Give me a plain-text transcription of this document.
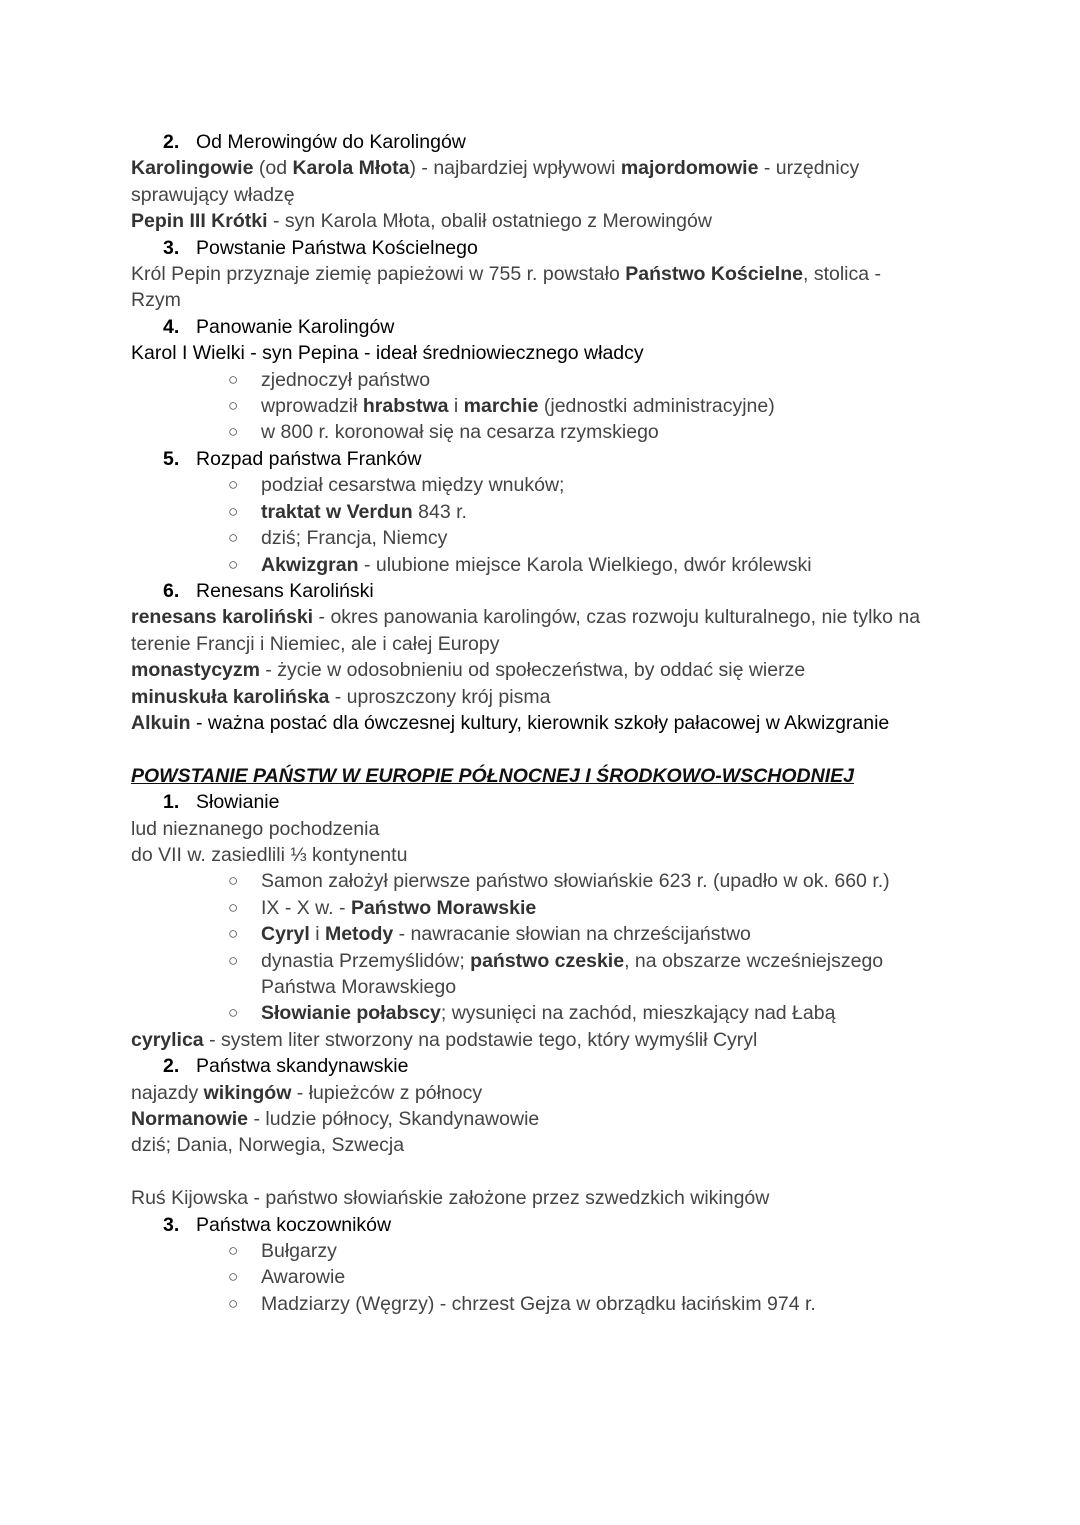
2. Od Merowingów do Karolingów
Karolingowie (od Karola Młota) - najbardziej wpływowi majordomowie - urzędnicy
sprawujący władzę
Pepin III Krótki - syn Karola Młota, obalił ostatniego z Merowingów
3. Powstanie Państwa Kościelnego
Król Pepin przyznaje ziemię papieżowi w 755 r. powstało Państwo Kościelne, stolica -
Rzym
4. Panowanie Karolingów
Karol I Wielki - syn Pepina - ideał średniowiecznego władcy
○ zjednoczył państwo
○ wprowadził hrabstwa i marchie (jednostki administracyjne)
○ w 800 r. koronował się na cesarza rzymskiego
5. Rozpad państwa Franków
○ podział cesarstwa między wnuków;
○ traktat w Verdun 843 r.
○ dziś; Francja, Niemcy
○ Akwizgran - ulubione miejsce Karola Wielkiego, dwór królewski
6. Renesans Karoliński
renesans karoliński - okres panowania karolingów, czas rozwoju kulturalnego, nie tylko na
terenie Francji i Niemiec, ale i całej Europy
monastycyzm - życie w odosobnieniu od społeczeństwa, by oddać się wierze
minuskuła karolińska - uproszczony krój pisma
Alkuin - ważna postać dla ówczesnej kultury, kierownik szkoły pałacowej w Akwizgranie
POWSTANIE PAŃSTW W EUROPIE PÓŁNOCNEJ I ŚRODKOWO-WSCHODNIEJ
1. Słowianie
lud nieznanego pochodzenia
do VII w. zasiedlili ⅓ kontynentu
○ Samon założył pierwsze państwo słowiańskie 623 r. (upadło w ok. 660 r.)
○ IX - X w. - Państwo Morawskie
○ Cyryl i Metody - nawracanie słowian na chrześcijaństwo
○ dynastia Przemyślidów; państwo czeskie, na obszarze wcześniejszego
Państwa Morawskiego
○ Słowianie połabscy; wysunięci na zachód, mieszkający nad Łabą
cyrylica - system liter stworzony na podstawie tego, który wymyślił Cyryl
2. Państwa skandynawskie
najazdy wikingów - łupieżców z północy
Normanowie - ludzie północy, Skandynawowie
dziś; Dania, Norwegia, Szwecja
Ruś Kijowska - państwo słowiańskie założone przez szwedzkich wikingów
3. Państwa koczowników
○ Bułgarzy
○ Awarowie
○ Madziarzy (Węgrzy) - chrzest Gejza w obrządku łacińskim 974 r.
